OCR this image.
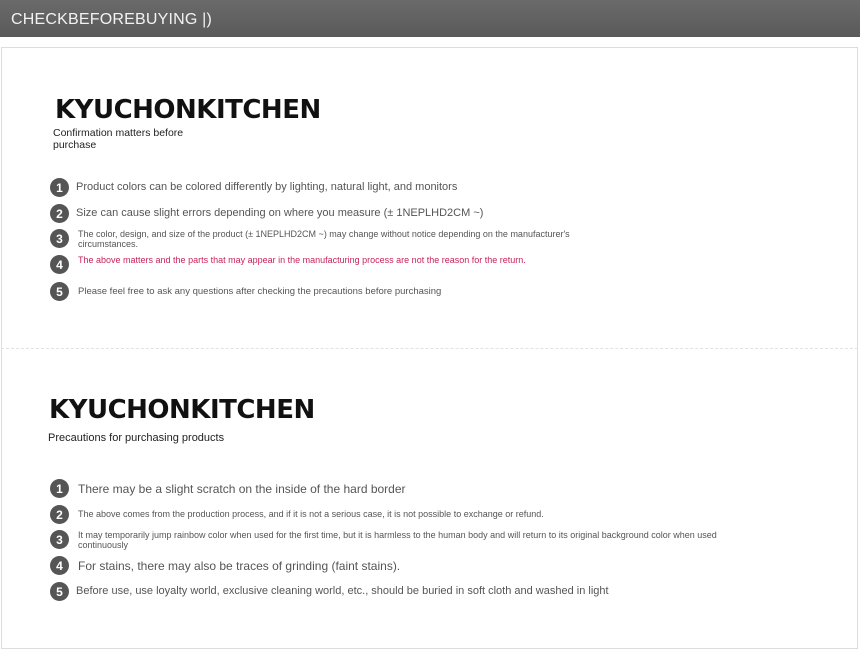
CHECKBEFOREBUYING |)
KYUCHONKITCHEN
Confirmation matters before purchase
1	Product colors can be colored differently by lighting, natural light, and monitors
2	Size can cause slight errors depending on where you measure (± 1NEPLHD2CM ~)
3	The color, design, and size of the product (± 1NEPLHD2CM ~) may change without notice depending on the manufacturer's circumstances.
4	The above matters and the parts that may appear in the manufacturing process are not the reason for the return.
5	Please feel free to ask any questions after checking the precautions before purchasing
KYUCHONKITCHEN
Precautions for purchasing products
1	There may be a slight scratch on the inside of the hard border
2	The above comes from the production process, and if it is not a serious case, it is not possible to exchange or refund.
3	It may temporarily jump rainbow color when used for the first time, but it is harmless to the human body and will return to its original background color when used continuously
4	For stains, there may also be traces of grinding (faint stains).
5	Before use, use loyalty world, exclusive cleaning world, etc., should be buried in soft cloth and washed in light
